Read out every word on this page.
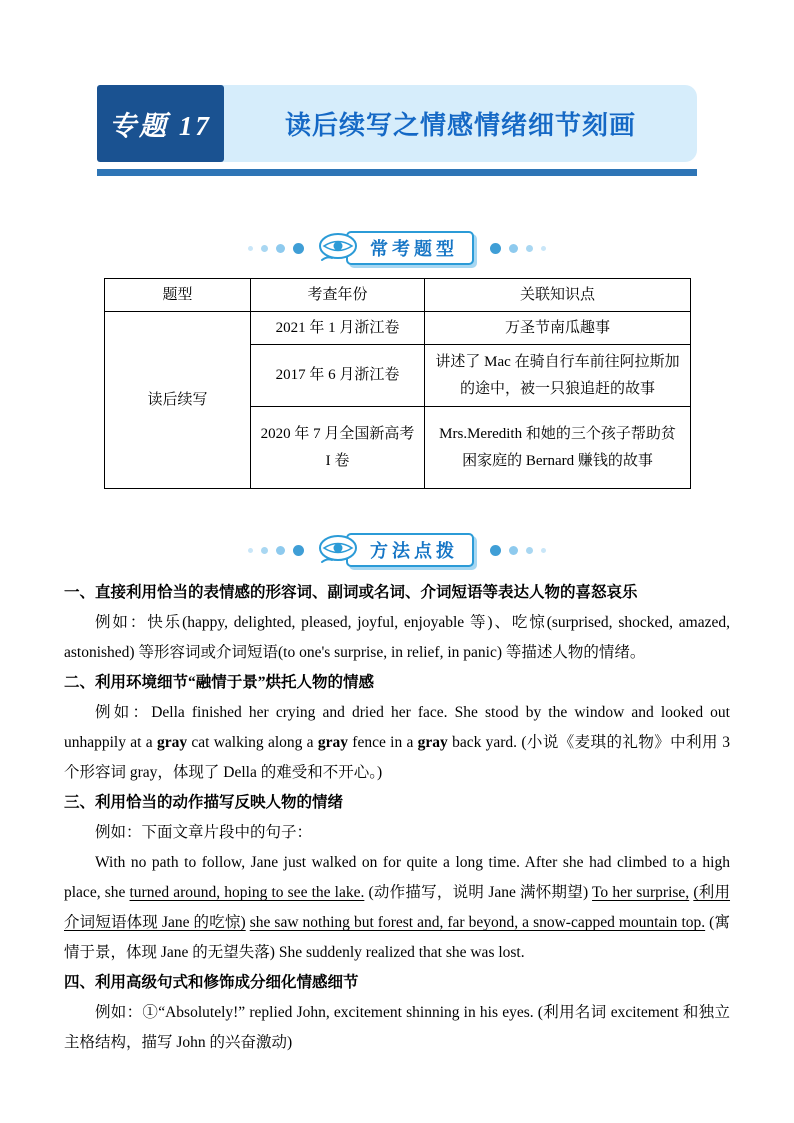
读后续写之情感情绪细节刻画
专题 17
常考题型
题型	考查年份	关联知识点
读后续写	2021 年 1 月浙江卷	万圣节南瓜趣事
	2017 年 6 月浙江卷	讲述了 Mac 在骑自行车前往阿拉斯加的途中，被一只狼追赶的故事
	2020 年 7 月全国新高考 I 卷	Mrs.Meredith 和她的三个孩子帮助贫困家庭的 Bernard 赚钱的故事
方法点拨
一、直接利用恰当的表情感的形容词、副词或名词、介词短语等表达人物的喜怒哀乐
例如：快乐(happy, delighted, pleased, joyful, enjoyable 等)、吃惊(surprised, shocked, amazed, astonished) 等形容词或介词短语(to one's surprise, in relief, in panic) 等描述人物的情绪。
二、利用环境细节“融情于景”烘托人物的情感
例如：Della finished her crying and dried her face. She stood by the window and looked out unhappily at a gray cat walking along a gray fence in a gray back yard. (小说《麦琪的礼物》中利用 3 个形容词 gray，体现了 Della 的难受和不开心。)
三、利用恰当的动作描写反映人物的情绪
例如：下面文章片段中的句子：
With no path to follow, Jane just walked on for quite a long time. After she had climbed to a high place, she turned around, hoping to see the lake. (动作描写，说明 Jane 满怀期望) To her surprise, (利用介词短语体现 Jane 的吃惊) she saw nothing but forest and, far beyond, a snow-capped mountain top. (寓情于景，体现 Jane 的无望失落) She suddenly realized that she was lost.
四、利用高级句式和修饰成分细化情感细节
例如：①“Absolutely!” replied John, excitement shinning in his eyes. (利用名词 excitement 和独立主格结构，描写 John 的兴奋激动)
